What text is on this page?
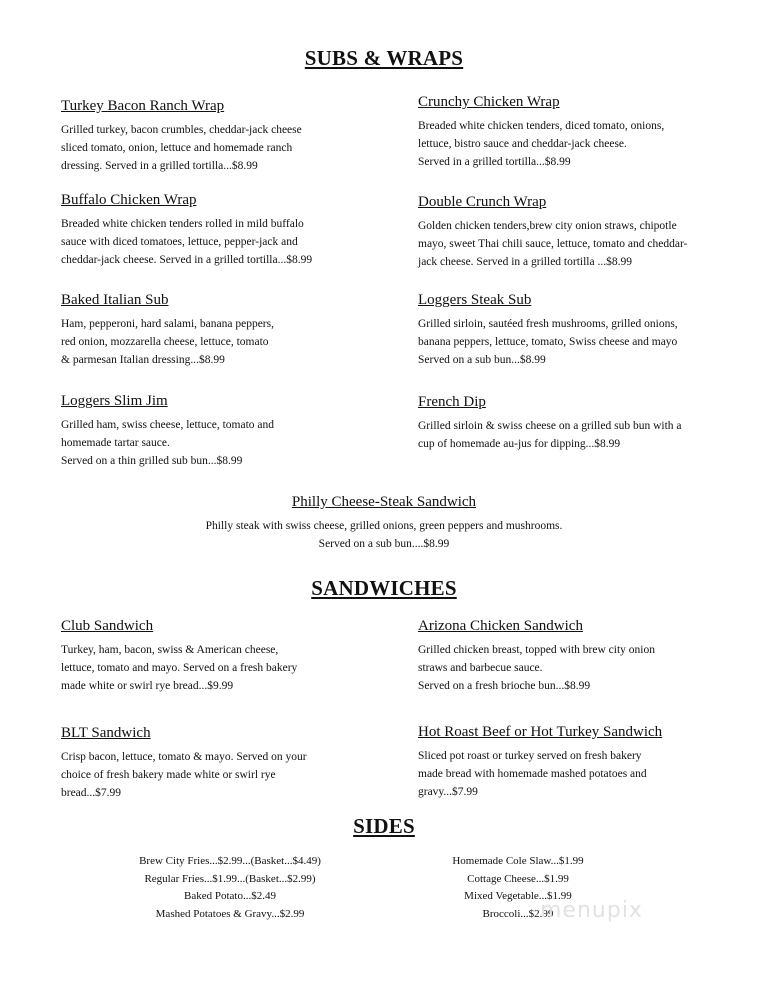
SUBS & WRAPS
Turkey Bacon Ranch Wrap
Grilled turkey, bacon crumbles, cheddar-jack cheese
sliced tomato, onion, lettuce and homemade ranch
dressing. Served in a grilled tortilla...$8.99
Crunchy Chicken Wrap
Breaded white chicken tenders, diced tomato, onions,
lettuce, bistro sauce and cheddar-jack cheese.
Served in a grilled tortilla...$8.99
Buffalo Chicken Wrap
Breaded white chicken tenders rolled in mild buffalo
sauce with diced tomatoes, lettuce, pepper-jack and
cheddar-jack cheese. Served in a grilled tortilla...$8.99
Double Crunch Wrap
Golden chicken tenders,brew city onion straws, chipotle
mayo, sweet Thai chili sauce, lettuce, tomato and cheddar-
jack cheese. Served in a grilled tortilla ...$8.99
Baked Italian Sub
Ham, pepperoni, hard salami, banana peppers,
red onion, mozzarella cheese, lettuce, tomato
& parmesan Italian dressing...$8.99
Loggers Steak Sub
Grilled sirloin, sautéed fresh mushrooms, grilled onions,
banana peppers, lettuce, tomato, Swiss cheese and mayo
Served on a sub bun...$8.99
Loggers Slim Jim
Grilled ham, swiss cheese, lettuce, tomato and
homemade tartar sauce.
Served on a thin grilled sub bun...$8.99
French Dip
Grilled sirloin & swiss cheese on a grilled sub bun with a
cup of homemade au-jus for dipping...$8.99
Philly Cheese-Steak Sandwich
Philly steak with swiss cheese, grilled onions, green peppers and mushrooms.
Served on a sub bun....$8.99
SANDWICHES
Club Sandwich
Turkey, ham, bacon, swiss & American cheese,
lettuce, tomato and mayo. Served on a fresh bakery
made white or swirl rye bread...$9.99
Arizona Chicken Sandwich
Grilled chicken breast, topped with brew city onion
straws and barbecue sauce.
Served on a fresh brioche bun...$8.99
BLT Sandwich
Crisp bacon, lettuce, tomato & mayo. Served on your
choice of fresh bakery made white or swirl rye
bread...$7.99
Hot Roast Beef or Hot Turkey Sandwich
Sliced pot roast or turkey served on fresh bakery
made bread with homemade mashed potatoes and
gravy...$7.99
SIDES
Brew City Fries...$2.99...(Basket...$4.49)
Regular Fries...$1.99...(Basket...$2.99)
Baked Potato...$2.49
Mashed Potatoes & Gravy...$2.99
Homemade Cole Slaw...$1.99
Cottage Cheese...$1.99
Mixed Vegetable...$1.99
Broccoli...$2.99
menupix
